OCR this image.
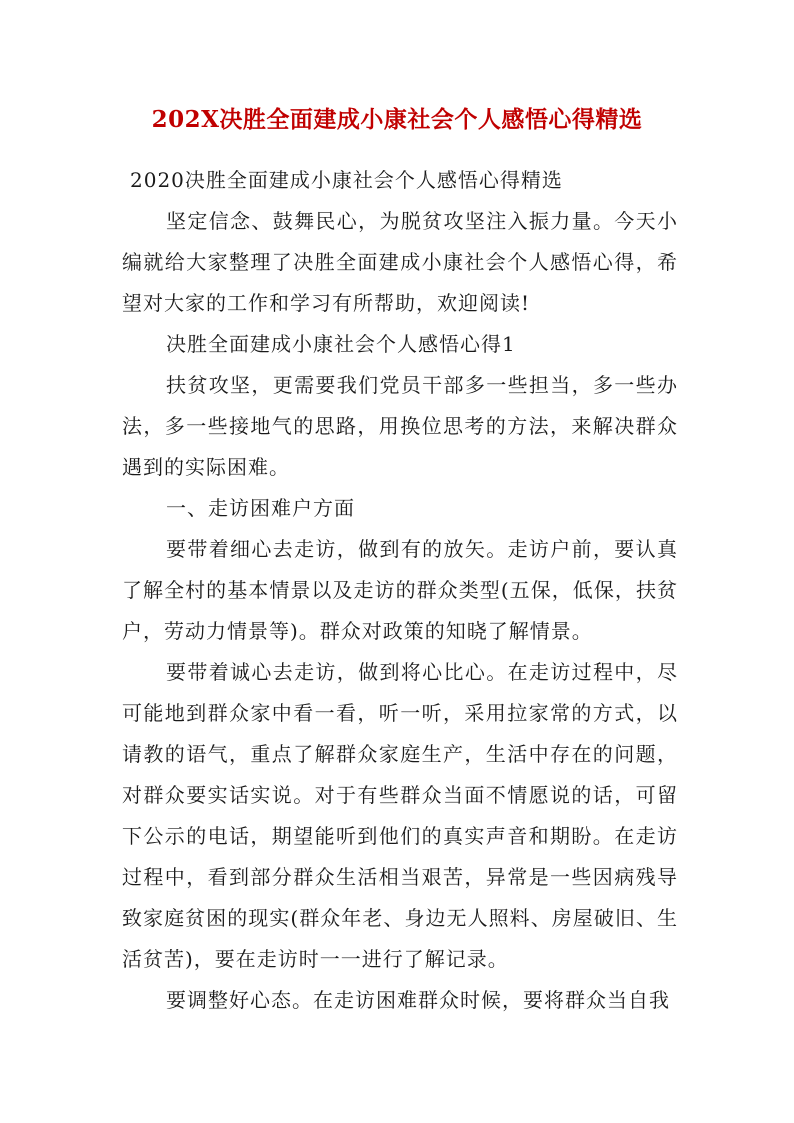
202X决胜全面建成小康社会个人感悟心得精选

2020决胜全面建成小康社会个人感悟心得精选

坚定信念、鼓舞民心，为脱贫攻坚注入振力量。今天小编就给大家整理了决胜全面建成小康社会个人感悟心得，希望对大家的工作和学习有所帮助，欢迎阅读!

决胜全面建成小康社会个人感悟心得1

扶贫攻坚，更需要我们党员干部多一些担当，多一些办法，多一些接地气的思路，用换位思考的方法，来解决群众遇到的实际困难。

一、走访困难户方面

要带着细心去走访，做到有的放矢。走访户前，要认真了解全村的基本情景以及走访的群众类型(五保，低保，扶贫户，劳动力情景等)。群众对政策的知晓了解情景。

要带着诚心去走访，做到将心比心。在走访过程中，尽可能地到群众家中看一看，听一听，采用拉家常的方式，以请教的语气，重点了解群众家庭生产，生活中存在的问题，对群众要实话实说。对于有些群众当面不情愿说的话，可留下公示的电话，期望能听到他们的真实声音和期盼。在走访过程中，看到部分群众生活相当艰苦，异常是一些因病残导致家庭贫困的现实(群众年老、身边无人照料、房屋破旧、生活贫苦)，要在走访时一一进行了解记录。

要调整好心态。在走访困难群众时候，要将群众当自我
